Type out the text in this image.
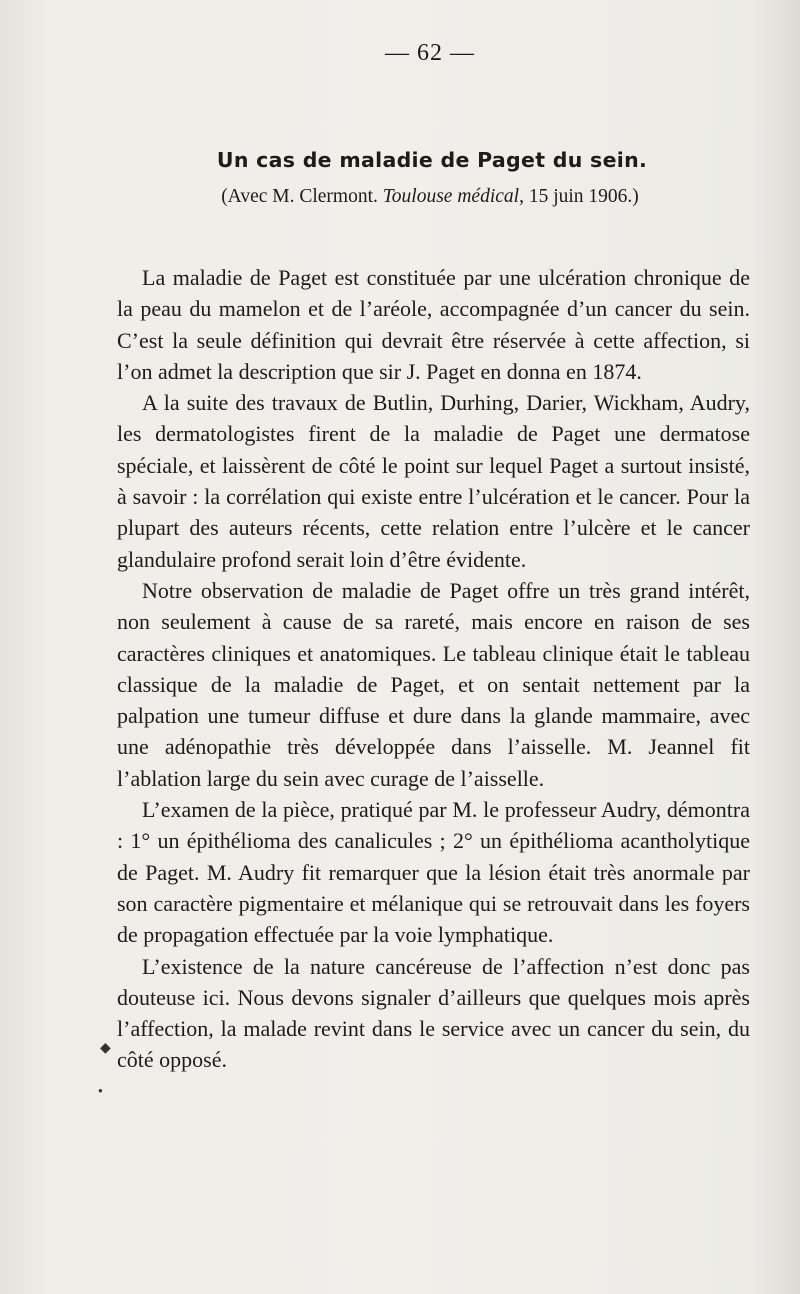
— 62 —
Un cas de maladie de Paget du sein.
(Avec M. Clermont. Toulouse médical, 15 juin 1906.)

La maladie de Paget est constituée par une ulcération chronique de la peau du mamelon et de l’aréole, accompagnée d’un cancer du sein. C’est la seule définition qui devrait être réservée à cette affection, si l’on admet la description que sir J. Paget en donna en 1874.

A la suite des travaux de Butlin, Durhing, Darier, Wickham, Audry, les dermatologistes firent de la maladie de Paget une dermatose spéciale, et laissèrent de côté le point sur lequel Paget a surtout insisté, à savoir : la corrélation qui existe entre l’ulcération et le cancer. Pour la plupart des auteurs récents, cette relation entre l’ulcère et le cancer glandulaire profond serait loin d’être évidente.

Notre observation de maladie de Paget offre un très grand intérêt, non seulement à cause de sa rareté, mais encore en raison de ses caractères cliniques et anatomiques. Le tableau clinique était le tableau classique de la maladie de Paget, et on sentait nettement par la palpation une tumeur diffuse et dure dans la glande mammaire, avec une adénopathie très développée dans l’aisselle. M. Jeannel fit l’ablation large du sein avec curage de l’aisselle.

L’examen de la pièce, pratiqué par M. le professeur Audry, démontra : 1° un épithélioma des canalicules ; 2° un épithélioma acantholytique de Paget. M. Audry fit remarquer que la lésion était très anormale par son caractère pigmentaire et mélanique qui se retrouvait dans les foyers de propagation effectuée par la voie lymphatique.

L’existence de la nature cancéreuse de l’affection n’est donc pas douteuse ici. Nous devons signaler d’ailleurs que quelques mois après l’affection, la malade revint dans le service avec un cancer du sein, du côté opposé.

◆
●
